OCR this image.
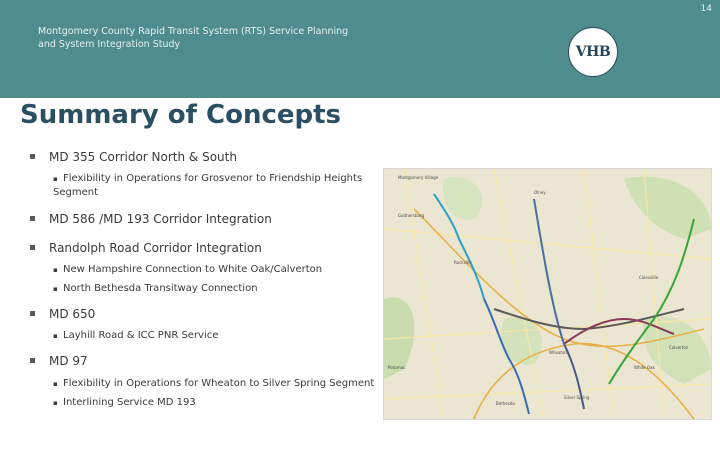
14
Montgomery County Rapid Transit System (RTS) Service Planning and System Integration Study	VHB
Summary of Concepts
MD 355 Corridor North & South
▪ Flexibility in Operations for Grosvenor to Friendship Heights Segment
MD 586 /MD 193 Corridor Integration
Randolph Road Corridor Integration
▪ New Hampshire Connection to White Oak/Calverton
▪ North Bethesda Transitway Connection
MD 650
▪ Layhill Road & ICC PNR Service
MD 97
▪ Flexibility in Operations for Wheaton to Silver Spring Segment
▪ Interlining Service MD 193
Montgomery Village
Gaithersburg
Rockville
Potomac
Bethesda
Silver Spring
Wheaton
Olney
Colesville
Calverton
White Oak
